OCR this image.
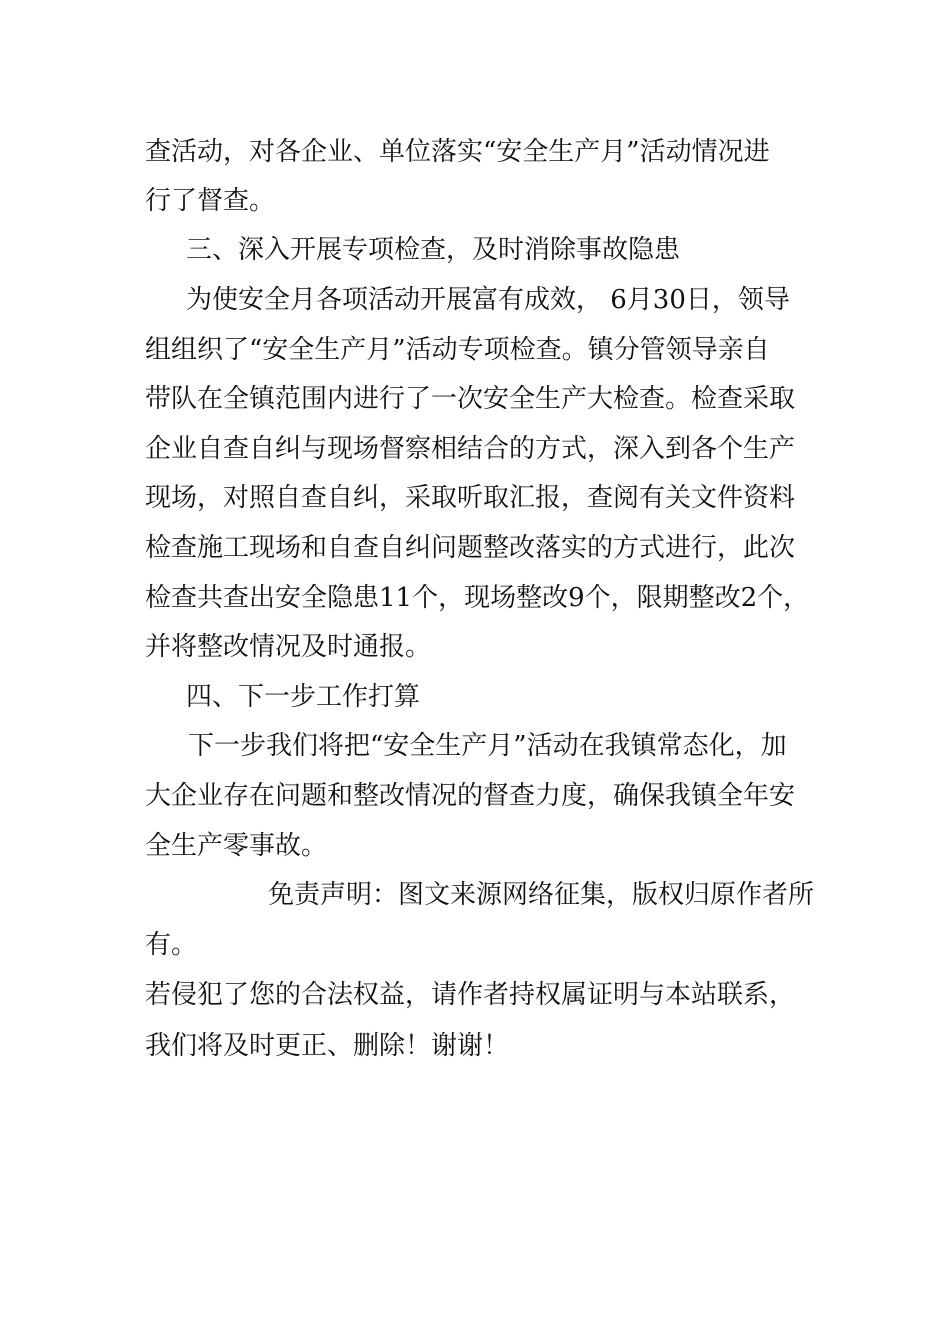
查活动，对各企业、单位落实“安全生产月”活动情况进
行了督查。
三、深入开展专项检查，及时消除事故隐患
为使安全月各项活动开展富有成效， 6月30日，领导
组组织了“安全生产月”活动专项检查。镇分管领导亲自
带队在全镇范围内进行了一次安全生产大检查。检查采取
企业自查自纠与现场督察相结合的方式，深入到各个生产
现场，对照自查自纠，采取听取汇报，查阅有关文件资料
检查施工现场和自查自纠问题整改落实的方式进行，此次
检查共查出安全隐患11个，现场整改9个，限期整改2个，
并将整改情况及时通报。
四、下一步工作打算
下一步我们将把“安全生产月”活动在我镇常态化，加
大企业存在问题和整改情况的督查力度，确保我镇全年安
全生产零事故。
免责声明：图文来源网络征集，版权归原作者所
有。
若侵犯了您的合法权益，请作者持权属证明与本站联系，
我们将及时更正、删除！谢谢！
